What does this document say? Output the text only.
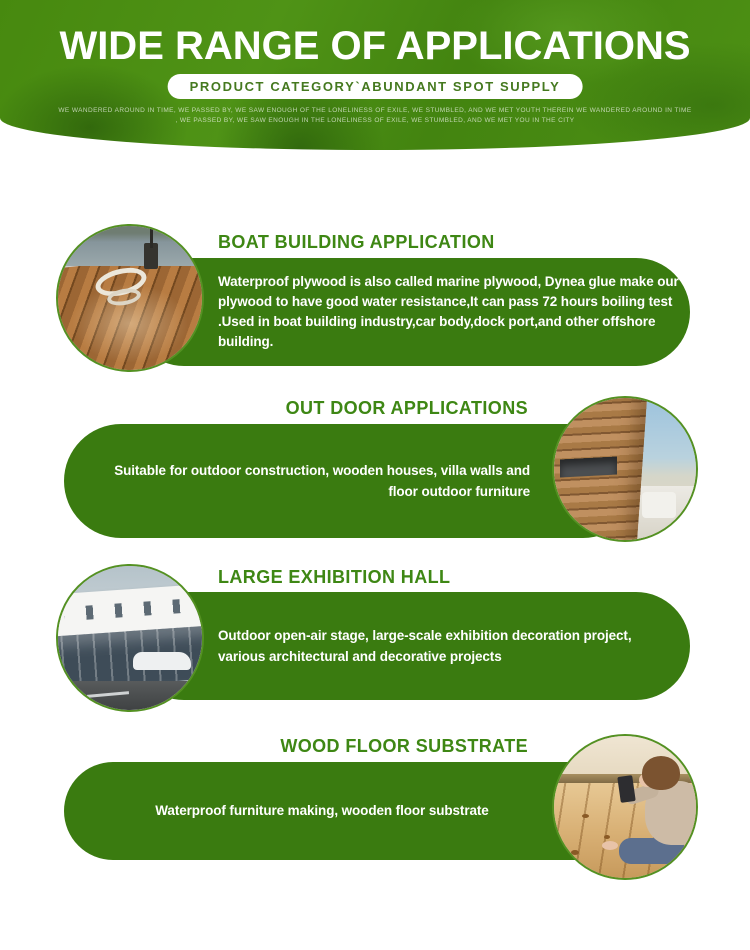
WIDE RANGE OF APPLICATIONS
PRODUCT CATEGORY`ABUNDANT SPOT SUPPLY
WE WANDERED AROUND IN TIME, WE PASSED BY, WE SAW ENOUGH OF THE LONELINESS OF EXILE, WE STUMBLED, AND WE MET YOUTH THEREIN WE WANDERED AROUND IN TIME
, WE PASSED BY, WE SAW ENOUGH IN THE LONELINESS OF EXILE, WE STUMBLED, AND WE MET YOU IN THE CITY
BOAT BUILDING APPLICATION
Waterproof plywood is also called marine plywood, Dynea glue make our plywood to have good water resistance,It can pass 72 hours boiling test .Used in boat building industry,car body,dock port,and other offshore building.
OUT DOOR APPLICATIONS
Suitable for outdoor construction, wooden houses, villa walls and floor outdoor furniture
LARGE EXHIBITION HALL
Outdoor open-air stage, large-scale exhibition decoration project, various architectural and decorative projects
WOOD FLOOR SUBSTRATE
Waterproof furniture making, wooden floor substrate
